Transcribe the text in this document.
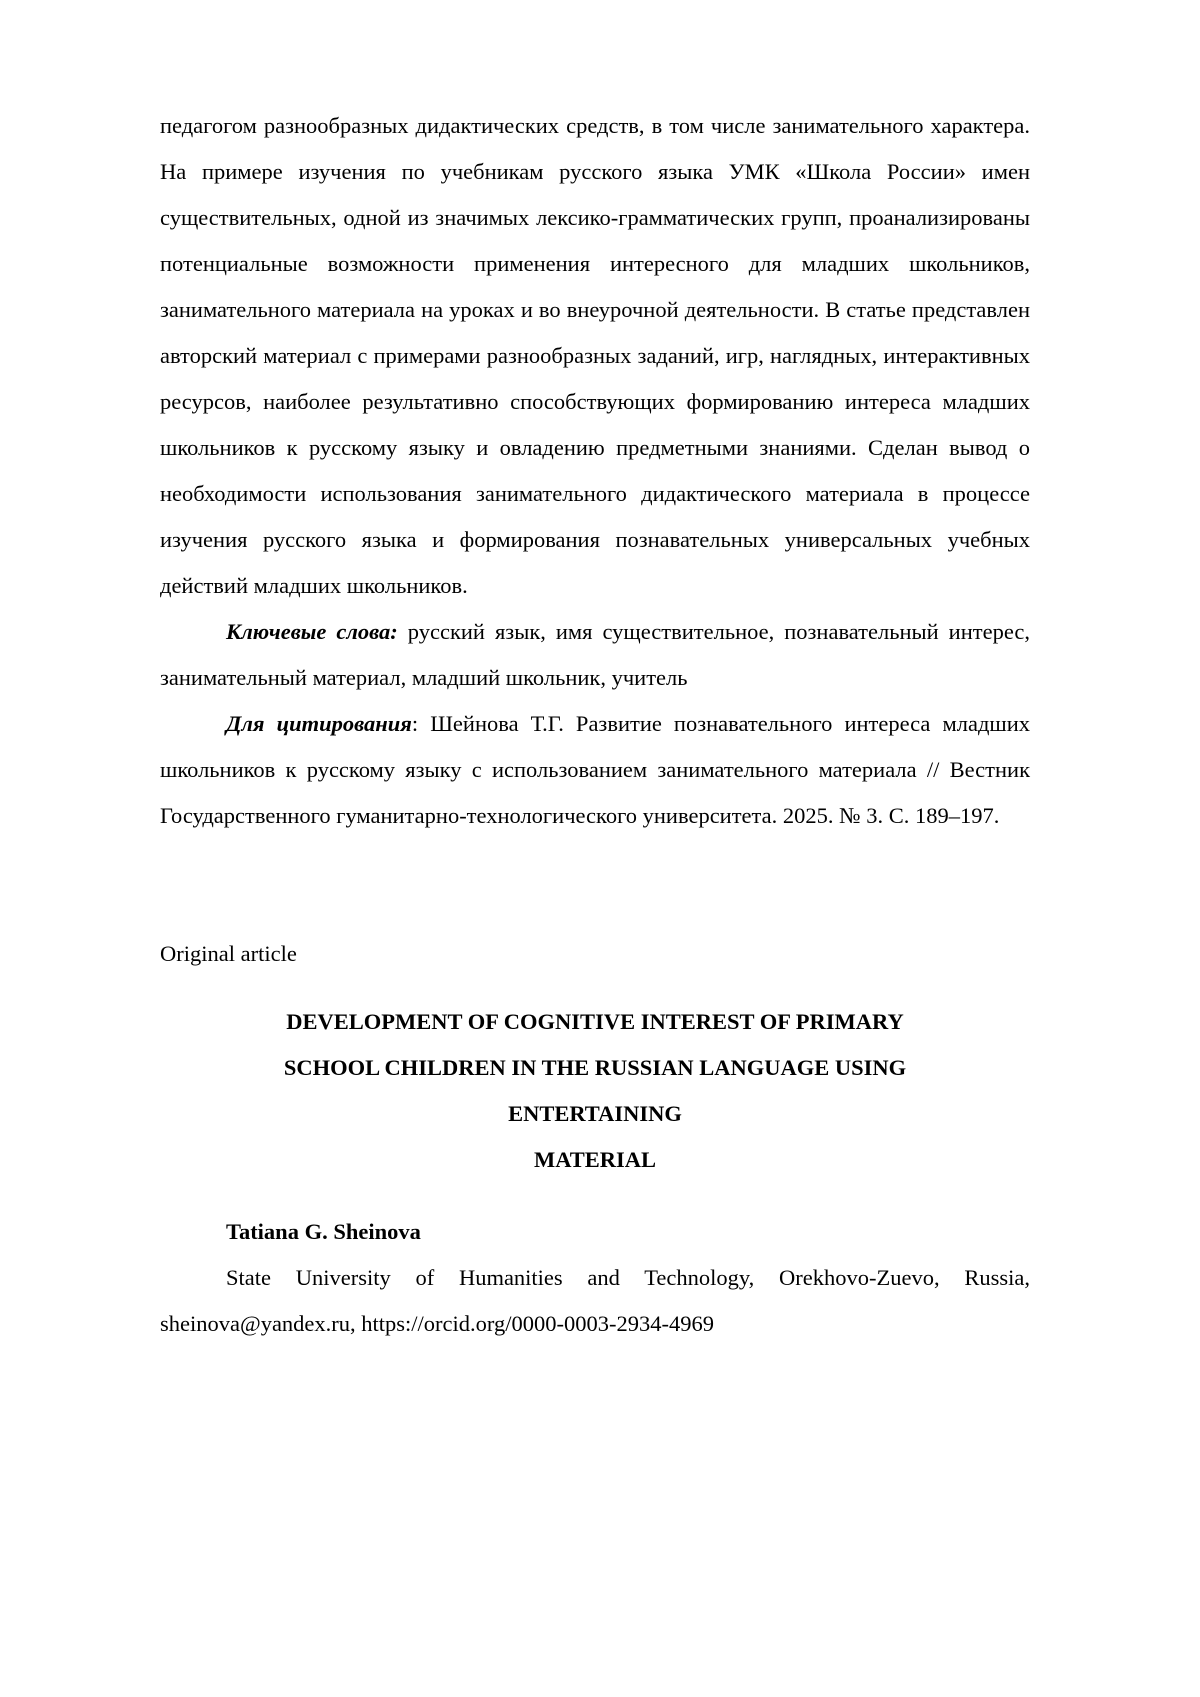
педагогом разнообразных дидактических средств, в том числе занимательного характера. На примере изучения по учебникам русского языка УМК «Школа России» имен существительных, одной из значимых лексико-грамматических групп, проанализированы потенциальные возможности применения интересного для младших школьников, занимательного материала на уроках и во внеурочной деятельности. В статье представлен авторский материал с примерами разнообразных заданий, игр, наглядных, интерактивных ресурсов, наиболее результативно способствующих формированию интереса младших школьников к русскому языку и овладению предметными знаниями. Сделан вывод о необходимости использования занимательного дидактического материала в процессе изучения русского языка и формирования познавательных универсальных учебных действий младших школьников.

Ключевые слова: русский язык, имя существительное, познавательный интерес, занимательный материал, младший школьник, учитель

Для цитирования: Шейнова Т.Г. Развитие познавательного интереса младших школьников к русскому языку с использованием занимательного материала // Вестник Государственного гуманитарно-технологического университета. 2025. № 3. С. 189–197.

Original article

DEVELOPMENT OF COGNITIVE INTEREST OF PRIMARY
SCHOOL CHILDREN IN THE RUSSIAN LANGUAGE USING
ENTERTAINING
MATERIAL

Tatiana G. Sheinova

State University of Humanities and Technology, Orekhovo-Zuevo, Russia, sheinova@yandex.ru, https://orcid.org/0000-0003-2934-4969
